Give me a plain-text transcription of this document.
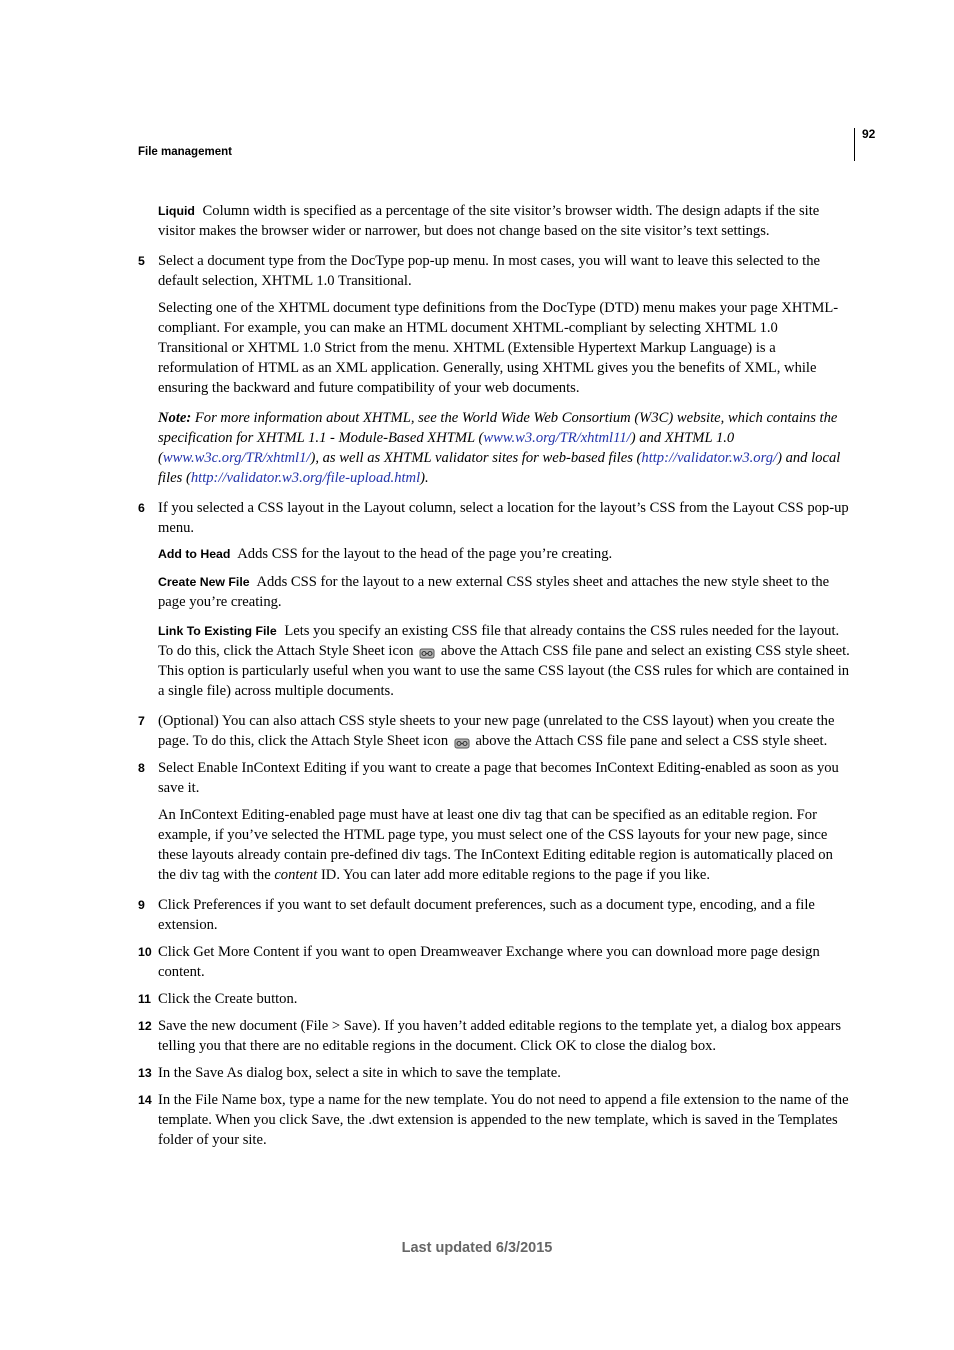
92
File management

Liquid Column width is specified as a percentage of the site visitor’s browser width. The design adapts if the site visitor makes the browser wider or narrower, but does not change based on the site visitor’s text settings.

5 Select a document type from the DocType pop-up menu. In most cases, you will want to leave this selected to the default selection, XHTML 1.0 Transitional.

Selecting one of the XHTML document type definitions from the DocType (DTD) menu makes your page XHTML-compliant. For example, you can make an HTML document XHTML-compliant by selecting XHTML 1.0 Transitional or XHTML 1.0 Strict from the menu. XHTML (Extensible Hypertext Markup Language) is a reformulation of HTML as an XML application. Generally, using XHTML gives you the benefits of XML, while ensuring the backward and future compatibility of your web documents.

Note: For more information about XHTML, see the World Wide Web Consortium (W3C) website, which contains the specification for XHTML 1.1 - Module-Based XHTML (www.w3.org/TR/xhtml11/) and XHTML 1.0 (www.w3c.org/TR/xhtml1/), as well as XHTML validator sites for web-based files (http://validator.w3.org/) and local files (http://validator.w3.org/file-upload.html).

6 If you selected a CSS layout in the Layout column, select a location for the layout’s CSS from the Layout CSS pop-up menu.

Add to Head Adds CSS for the layout to the head of the page you’re creating.

Create New File Adds CSS for the layout to a new external CSS styles sheet and attaches the new style sheet to the page you’re creating.

Link To Existing File Lets you specify an existing CSS file that already contains the CSS rules needed for the layout. To do this, click the Attach Style Sheet icon above the Attach CSS file pane and select an existing CSS style sheet. This option is particularly useful when you want to use the same CSS layout (the CSS rules for which are contained in a single file) across multiple documents.

7 (Optional) You can also attach CSS style sheets to your new page (unrelated to the CSS layout) when you create the page. To do this, click the Attach Style Sheet icon above the Attach CSS file pane and select a CSS style sheet.
8 Select Enable InContext Editing if you want to create a page that becomes InContext Editing-enabled as soon as you save it.

An InContext Editing-enabled page must have at least one div tag that can be specified as an editable region. For example, if you’ve selected the HTML page type, you must select one of the CSS layouts for your new page, since these layouts already contain pre-defined div tags. The InContext Editing editable region is automatically placed on the div tag with the content ID. You can later add more editable regions to the page if you like.

9 Click Preferences if you want to set default document preferences, such as a document type, encoding, and a file extension.
10 Click Get More Content if you want to open Dreamweaver Exchange where you can download more page design content.
11 Click the Create button.
12 Save the new document (File > Save). If you haven’t added editable regions to the template yet, a dialog box appears telling you that there are no editable regions in the document. Click OK to close the dialog box.
13 In the Save As dialog box, select a site in which to save the template.
14 In the File Name box, type a name for the new template. You do not need to append a file extension to the name of the template. When you click Save, the .dwt extension is appended to the new template, which is saved in the Templates folder of your site.
Last updated 6/3/2015
